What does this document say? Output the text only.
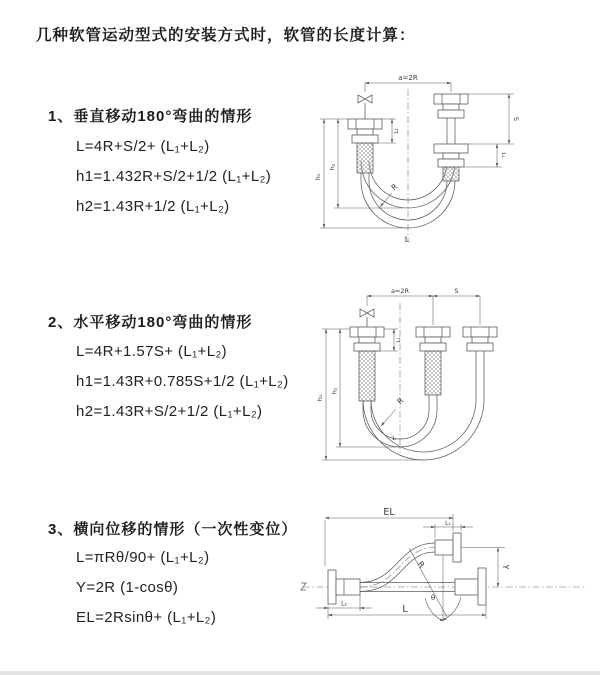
几种软管运动型式的安装方式时，软管的长度计算：
1、垂直移动180°弯曲的情形
L=4R+S/2+ (L₁+L₂)
h1=1.432R+S/2+1/2 (L₁+L₂)
h2=1.43R+1/2 (L₁+L₂)
2、水平移动180°弯曲的情形
L=4R+1.57S+ (L₁+L₂)
h1=1.43R+0.785S+1/2 (L₁+L₂)
h2=1.43R+S/2+1/2 (L₁+L₂)
3、横向位移的情形（一次性变位）
L=πRθ/90+ (L₁+L₂)
Y=2R (1-cosθ)
EL=2Rsinθ+ (L₁+L₂)
a=2R
h₁
h₂
L₁
S
L₁
R
L
a=2R	S
h₁
h₂
L₁
R
L
EL
L₁
Y
L
L₂
R
θ
